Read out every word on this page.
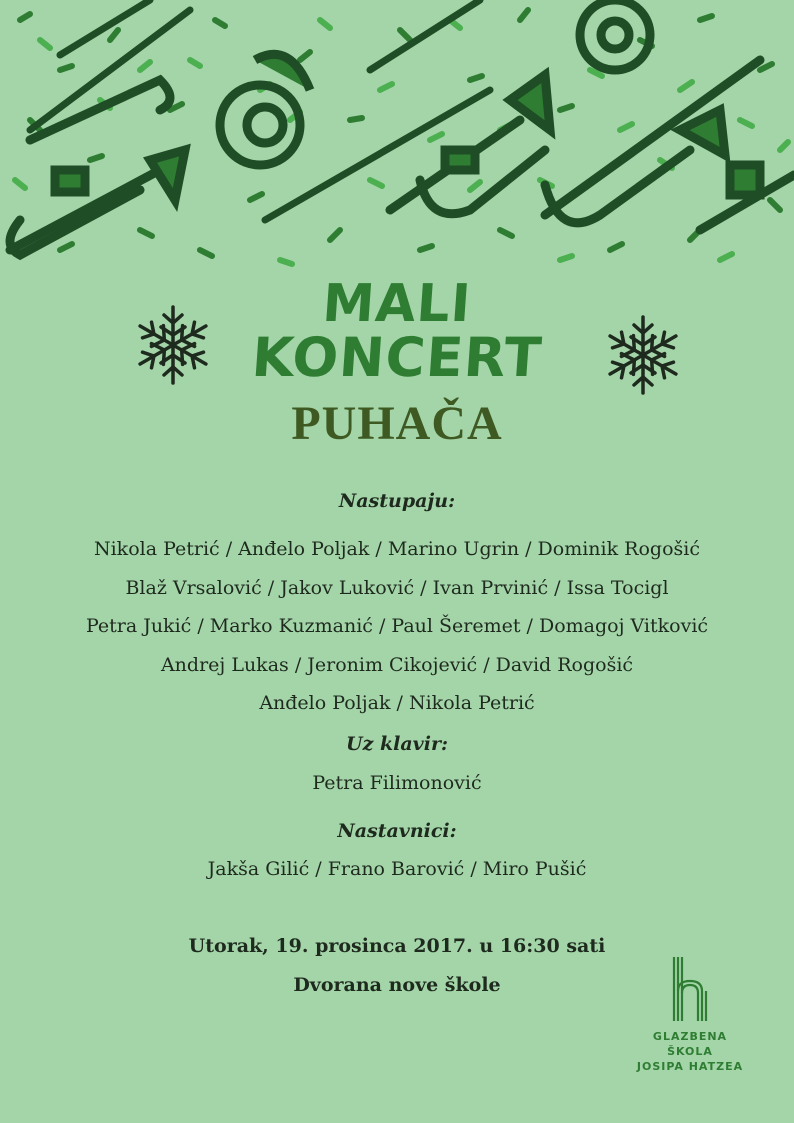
MALI
KONCERT
PUHAČA
Nastupaju:
Nikola Petrić / Anđelo Poljak / Marino Ugrin / Dominik Rogošić
Blaž Vrsalović / Jakov Luković / Ivan Prvinić / Issa Tocigl
Petra Jukić / Marko Kuzmanić / Paul Šeremet / Domagoj Vitković
Andrej Lukas / Jeronim Cikojević / David Rogošić
Anđelo Poljak / Nikola Petrić
Uz klavir:
Petra Filimonović
Nastavnici:
Jakša Gilić / Frano Barović / Miro Pušić
Utorak, 19. prosinca 2017. u 16:30 sati
Dvorana nove škole
GLAZBENA ŠKOLA
JOSIPA HATZEA
